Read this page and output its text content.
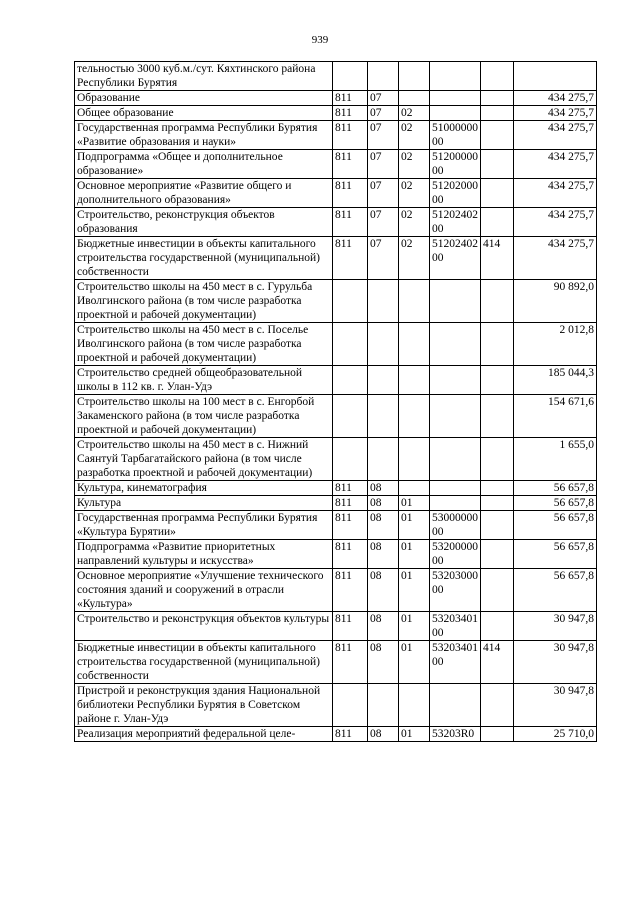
939
тельностью 3000 куб.м./сут. Кяхтинского района Республики Бурятия						
Образование	811	07				434 275,7
Общее образование	811	07	02			434 275,7
Государственная программа Республики Бурятия «Развитие образования и науки»	811	07	02	5100000000		434 275,7
Подпрограмма «Общее и дополнительное образование»	811	07	02	5120000000		434 275,7
Основное мероприятие «Развитие общего и дополнительного образования»	811	07	02	5120200000		434 275,7
Строительство, реконструкция объектов образования	811	07	02	5120240200		434 275,7
Бюджетные инвестиции в объекты капитального строительства государственной (муниципальной) собственности	811	07	02	5120240200	414	434 275,7
Строительство школы на 450 мест в с. Гурульба Иволгинского района (в том числе разработка проектной и рабочей документации)						90 892,0
Строительство школы на 450 мест в с. Поселье Иволгинского района (в том числе разработка проектной и рабочей документации)						2 012,8
Строительство средней общеобразовательной школы в 112 кв. г. Улан-Удэ						185 044,3
Строительство школы на 100 мест в с. Енгорбой Закаменского района (в том числе разработка проектной и рабочей документации)						154 671,6
Строительство школы на 450 мест в с. Нижний Саянтуй Тарбагатайского района (в том числе разработка проектной и рабочей документации)						1 655,0
Культура, кинематография	811	08				56 657,8
Культура	811	08	01			56 657,8
Государственная программа Республики Бурятия «Культура Бурятии»	811	08	01	5300000000		56 657,8
Подпрограмма «Развитие приоритетных направлений культуры и искусства»	811	08	01	5320000000		56 657,8
Основное мероприятие «Улучшение технического состояния зданий и сооружений в отрасли «Культура»	811	08	01	5320300000		56 657,8
Строительство и реконструкция объектов культуры	811	08	01	5320340100		30 947,8
Бюджетные инвестиции в объекты капитального строительства государственной (муниципальной) собственности	811	08	01	5320340100	414	30 947,8
Пристрой и реконструкция здания Национальной библиотеки Республики Бурятия в Советском районе г. Улан-Удэ						30 947,8
Реализация мероприятий федеральной целе-	811	08	01	53203R0		25 710,0
